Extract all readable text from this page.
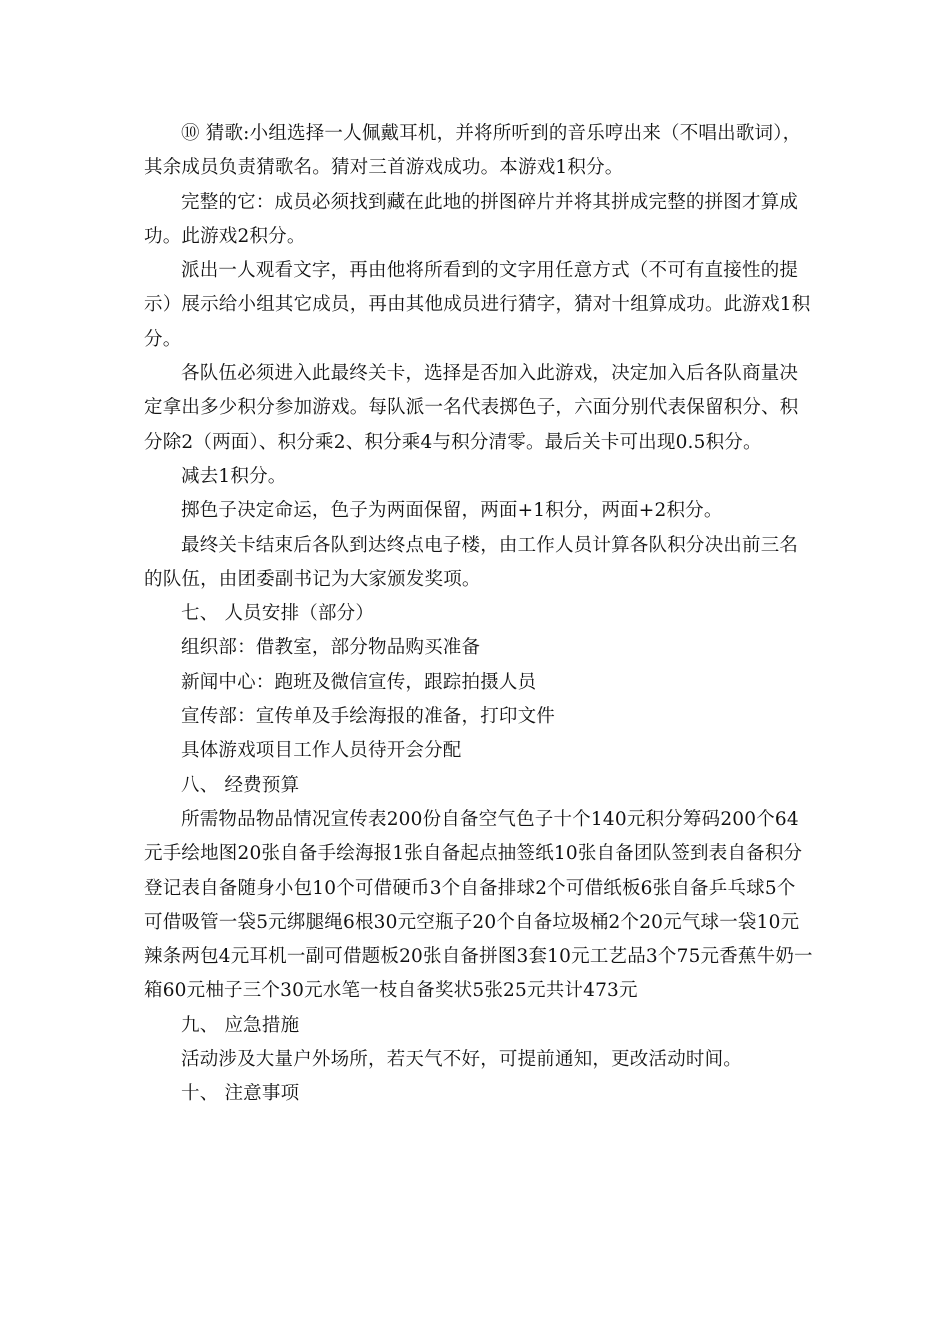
⑩ 猜歌:小组选择一人佩戴耳机，并将所听到的音乐哼出来（不唱出歌词），其余成员负责猜歌名。猜对三首游戏成功。本游戏1积分。

完整的它：成员必须找到藏在此地的拼图碎片并将其拼成完整的拼图才算成功。此游戏2积分。

派出一人观看文字，再由他将所看到的文字用任意方式（不可有直接性的提示）展示给小组其它成员，再由其他成员进行猜字，猜对十组算成功。此游戏1积分。

各队伍必须进入此最终关卡，选择是否加入此游戏，决定加入后各队商量决定拿出多少积分参加游戏。每队派一名代表掷色子，六面分别代表保留积分、积分除2（两面）、积分乘2、积分乘4与积分清零。最后关卡可出现0.5积分。

减去1积分。

掷色子决定命运，色子为两面保留，两面+1积分，两面+2积分。

最终关卡结束后各队到达终点电子楼，由工作人员计算各队积分决出前三名的队伍，由团委副书记为大家颁发奖项。

七、 人员安排（部分）

组织部：借教室，部分物品购买准备

新闻中心：跑班及微信宣传，跟踪拍摄人员

宣传部：宣传单及手绘海报的准备，打印文件

具体游戏项目工作人员待开会分配

八、 经费预算

所需物品物品情况宣传表200份自备空气色子十个140元积分筹码200个64元手绘地图20张自备手绘海报1张自备起点抽签纸10张自备团队签到表自备积分登记表自备随身小包10个可借硬币3个自备排球2个可借纸板6张自备乒乓球5个可借吸管一袋5元绑腿绳6根30元空瓶子20个自备垃圾桶2个20元气球一袋10元辣条两包4元耳机一副可借题板20张自备拼图3套10元工艺品3个75元香蕉牛奶一箱60元柚子三个30元水笔一枝自备奖状5张25元共计473元

九、 应急措施

活动涉及大量户外场所，若天气不好，可提前通知，更改活动时间。

十、 注意事项
